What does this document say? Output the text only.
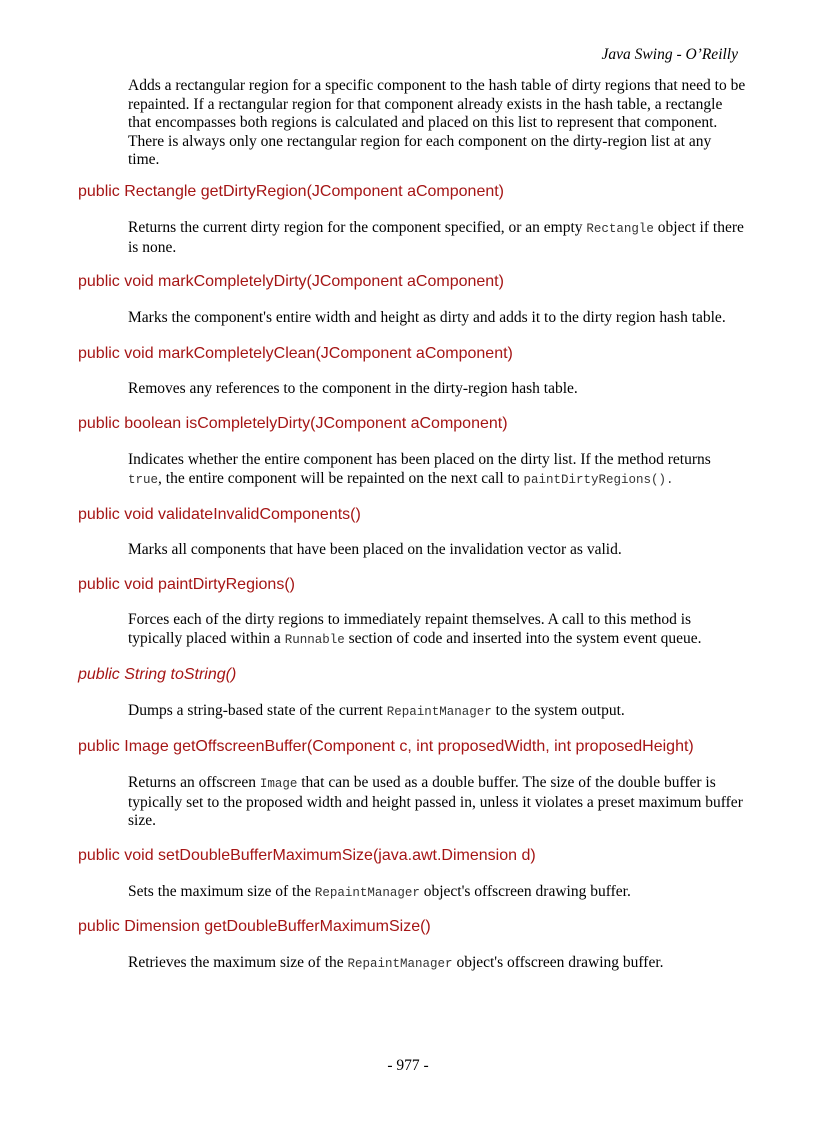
Java Swing - O’Reilly

Adds a rectangular region for a specific component to the hash table of dirty regions that need to be repainted. If a rectangular region for that component already exists in the hash table, a rectangle that encompasses both regions is calculated and placed on this list to represent that component. There is always only one rectangular region for each component on the dirty-region list at any time.

public Rectangle getDirtyRegion(JComponent aComponent)

Returns the current dirty region for the component specified, or an empty Rectangle object if there is none.

public void markCompletelyDirty(JComponent aComponent)

Marks the component's entire width and height as dirty and adds it to the dirty region hash table.

public void markCompletelyClean(JComponent aComponent)

Removes any references to the component in the dirty-region hash table.

public boolean isCompletelyDirty(JComponent aComponent)

Indicates whether the entire component has been placed on the dirty list. If the method returns true, the entire component will be repainted on the next call to paintDirtyRegions().

public void validateInvalidComponents()

Marks all components that have been placed on the invalidation vector as valid.

public void paintDirtyRegions()

Forces each of the dirty regions to immediately repaint themselves. A call to this method is typically placed within a Runnable section of code and inserted into the system event queue.

public String toString()

Dumps a string-based state of the current RepaintManager to the system output.

public Image getOffscreenBuffer(Component c, int proposedWidth, int proposedHeight)

Returns an offscreen Image that can be used as a double buffer. The size of the double buffer is typically set to the proposed width and height passed in, unless it violates a preset maximum buffer size.

public void setDoubleBufferMaximumSize(java.awt.Dimension d)

Sets the maximum size of the RepaintManager object's offscreen drawing buffer.

public Dimension getDoubleBufferMaximumSize()

Retrieves the maximum size of the RepaintManager object's offscreen drawing buffer.

- 977 -
